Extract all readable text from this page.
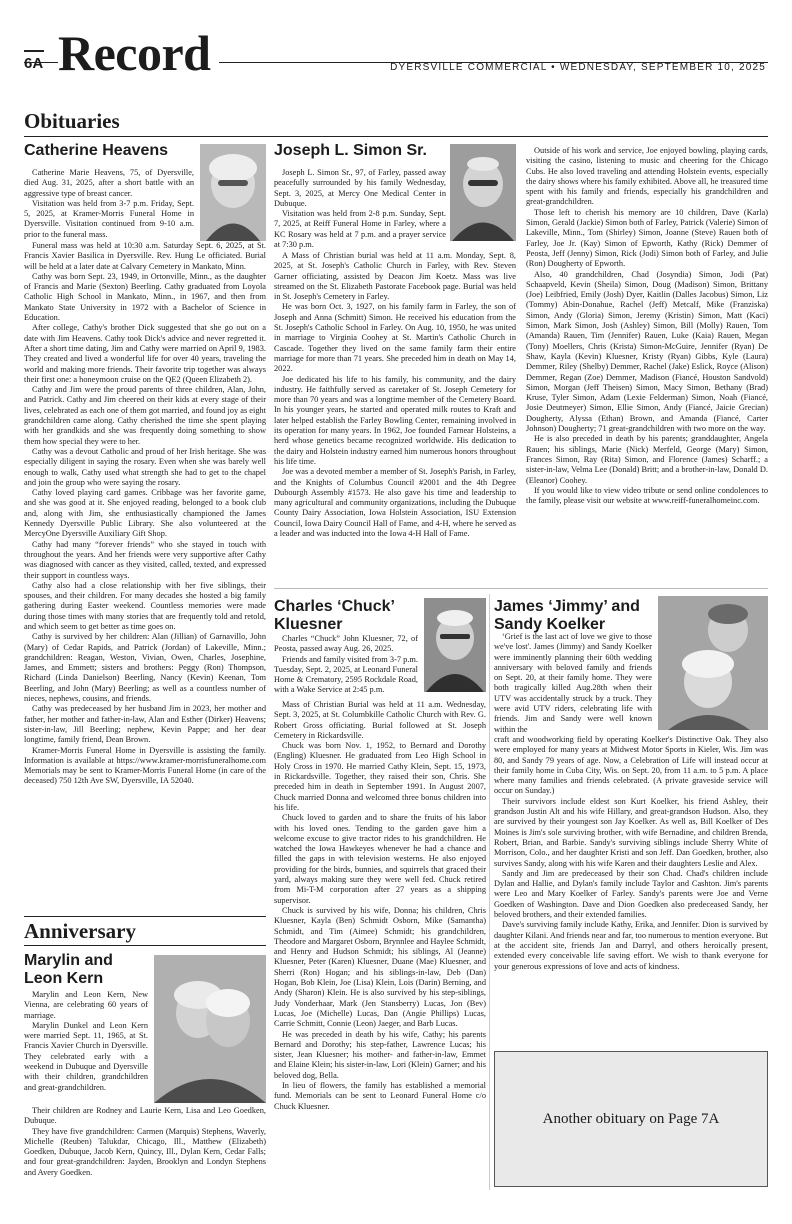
6A Record	DYERSVILLE COMMERCIAL • WEDNESDAY, SEPTEMBER 10, 2025
Obituaries
Catherine Heavens

Catherine Marie Heavens, 75, of Dyersville, died Aug. 31, 2025, after a short battle with an aggressive type of breast cancer.

Visitation was held from 3-7 p.m. Friday, Sept. 5, 2025, at Kramer-Morris Funeral Home in Dyersville. Visitation continued from 9-10 a.m. prior to the funeral mass.

Funeral mass was held at 10:30 a.m. Saturday Sept. 6, 2025, at St. Francis Xavier Basilica in Dyersville. Rev. Hung Le officiated. Burial will be held at a later date at Calvary Cemetery in Mankato, Minn.

Cathy was born Sept. 23, 1949, in Ortonville, Minn., as the daughter of Francis and Marie (Sexton) Beerling. Cathy graduated from Loyola Catholic High School in Mankato, Minn., in 1967, and then from Mankato State University in 1972 with a Bachelor of Science in Education.

After college, Cathy's brother Dick suggested that she go out on a date with Jim Heavens. Cathy took Dick's advice and never regretted it. After a short time dating, Jim and Cathy were married on April 9, 1983. They created and lived a wonderful life for over 40 years, traveling the world and making more friends. Their favorite trip together was always their first one: a honeymoon cruise on the QE2 (Queen Elizabeth 2).

Cathy and Jim were the proud parents of three children, Alan, John, and Patrick. Cathy and Jim cheered on their kids at every stage of their lives, celebrated as each one of them got married, and found joy as eight grandchildren came along. Cathy cherished the time she spent playing with her grandkids and she was frequently doing something to show them how special they were to her.

Cathy was a devout Catholic and proud of her Irish heritage. She was especially diligent in saying the rosary. Even when she was barely well enough to walk, Cathy used what strength she had to get to the chapel and join the group who were saying the rosary.

Cathy loved playing card games. Cribbage was her favorite game, and she was good at it. She enjoyed reading, belonged to a book club and, along with Jim, she enthusiastically championed the James Kennedy Dyersville Public Library. She also volunteered at the MercyOne Dyersville Auxiliary Gift Shop.

Cathy had many “forever friends” who she stayed in touch with throughout the years. And her friends were very supportive after Cathy was diagnosed with cancer as they visited, called, texted, and expressed their support in countless ways.

Cathy also had a close relationship with her five siblings, their spouses, and their children. For many decades she hosted a big family gathering during Easter weekend. Countless memories were made during those times with many stories that are frequently told and retold, and which seem to get better as time goes on.

Cathy is survived by her children: Alan (Jillian) of Garnavillo, John (Mary) of Cedar Rapids, and Patrick (Jordan) of Lakeville, Minn.; grandchildren: Reagan, Weston, Vivian, Owen, Charles, Josephine, James, and Emmett; sisters and brothers: Peggy (Ron) Thompson, Richard (Linda Danielson) Beerling, Nancy (Kevin) Keenan, Tom Beerling, and John (Mary) Beerling; as well as a countless number of nieces, nephews, cousins, and friends.

Cathy was predeceased by her husband Jim in 2023, her mother and father, her mother and father-in-law, Alan and Esther (Dirker) Heavens; sister-in-law, Jill Beerling; nephew, Kevin Pappe; and her dear longtime, family friend, Dean Brown.

Kramer-Morris Funeral Home in Dyersville is assisting the family. Information is available at https://www.kramer-morrisfuneralhome.com Memorials may be sent to Kramer-Morris Funeral Home (in care of the deceased) 750 12th Ave SW, Dyersville, IA 52040.

Joseph L. Simon Sr.

Joseph L. Simon Sr., 97, of Farley, passed away peacefully surrounded by his family Wednesday, Sept. 3, 2025, at Mercy One Medical Center in Dubuque.

Visitation was held from 2-8 p.m. Sunday, Sept. 7, 2025, at Reiff Funeral Home in Farley, where a KC Rosary was held at 7 p.m. and a prayer service at 7:30 p.m.

A Mass of Christian burial was held at 11 a.m. Monday, Sept. 8, 2025, at St. Joseph's Catholic Church in Farley, with Rev. Steven Garner officiating, assisted by Deacon Jim Koetz. Mass was live streamed on the St. Elizabeth Pastorate Facebook page. Burial was held in St. Joseph's Cemetery in Farley.

He was born Oct. 3, 1927, on his family farm in Farley, the son of Joseph and Anna (Schmitt) Simon. He received his education from the St. Joseph's Catholic School in Farley. On Aug. 10, 1950, he was united in marriage to Virginia Coohey at St. Martin's Catholic Church in Cascade. Together they lived on the same family farm their entire marriage for more than 71 years. She preceded him in death on May 14, 2022.

Joe dedicated his life to his family, his community, and the dairy industry. He faithfully served as caretaker of St. Joseph Cemetery for more than 70 years and was a longtime member of the Cemetery Board. In his younger years, he started and operated milk routes to Kraft and later helped establish the Farley Bowling Center, remaining involved in its operation for many years. In 1962, Joe founded Farnear Holsteins, a herd whose genetics became recognized worldwide. His dedication to the dairy and Holstein industry earned him numerous honors throughout his life time.

Joe was a devoted member a member of St. Joseph's Parish, in Farley, and the Knights of Columbus Council #2001 and the 4th Degree Dubourgh Assembly #1573. He also gave his time and leadership to many agricultural and community organizations, including the Dubuque County Dairy Association, Iowa Holstein Association, ISU Extension Council, Iowa Dairy Council Hall of Fame, and 4-H, where he served as a leader and was inducted into the Iowa 4-H Hall of Fame.

Outside of his work and service, Joe enjoyed bowling, playing cards, visiting the casino, listening to music and cheering for the Chicago Cubs. He also loved traveling and attending Holstein events, especially the dairy shows where his family exhibited. Above all, he treasured time spent with his family and friends, especially his grandchildren and great-grandchildren.

Those left to cherish his memory are 10 children, Dave (Karla) Simon, Gerald (Jackie) Simon both of Farley, Patrick (Valerie) Simon of Lakeville, Minn., Tom (Shirley) Simon, Joanne (Steve) Rauen both of Farley, Joe Jr. (Kay) Simon of Epworth, Kathy (Rick) Demmer of Peosta, Jeff (Jenny) Simon, Rick (Jodi) Simon both of Farley, and Julie (Ron) Dougherty of Epworth.

Also, 40 grandchildren, Chad (Josyndia) Simon, Jodi (Pat) Schaapveld, Kevin (Sheila) Simon, Doug (Madison) Simon, Brittany (Joe) Leibfried, Emily (Josh) Dyer, Kaitlin (Dalles Jacobus) Simon, Liz (Tommy) Abin-Donahue, Rachel (Jeff) Metcalf, Mike (Franziska) Simon, Andy (Gloria) Simon, Jeremy (Kristin) Simon, Matt (Kaci) Simon, Mark Simon, Josh (Ashley) Simon, Bill (Molly) Rauen, Tom (Amanda) Rauen, Tim (Jennifer) Rauen, Luke (Kaia) Rauen, Megan (Tony) Moellers, Chris (Krista) Simon-McGuire, Jennifer (Ryan) De Shaw, Kayla (Kevin) Kluesner, Kristy (Ryan) Gibbs, Kyle (Laura) Demmer, Riley (Shelby) Demmer, Rachel (Jake) Eslick, Royce (Alison) Demmer, Regan (Zoe) Demmer, Madison (Fiancé, Houston Sandvold) Simon, Morgan (Jeff Theisen) Simon, Macy Simon, Bethany (Brad) Kruse, Tyler Simon, Adam (Lexie Felderman) Simon, Noah (Fiancé, Josie Deutmeyer) Simon, Ellie Simon, Andy (Fiancé, Jaicie Grecian) Dougherty, Alyssa (Ethan) Brown, and Amanda (Fiancé, Carter Johnson) Dougherty; 71 great-grandchildren with two more on the way.

He is also preceded in death by his parents; granddaughter, Angela Rauen; his siblings, Marie (Nick) Merfeld, George (Mary) Simon, Frances Simon, Ray (Rita) Simon, and Florence (James) Scharff.; a sister-in-law, Velma Lee (Donald) Britt; and a brother-in-law, Donald D. (Eleanor) Coohey.

If you would like to view video tribute or send online condolences to the family, please visit our website at www.reiff-funeralhomeinc.com.

Charles ‘Chuck’
Kluesner

Charles “Chuck” John Kluesner, 72, of Peosta, passed away Aug. 26, 2025.

Friends and family visited from 3-7 p.m. Tuesday, Sept. 2, 2025, at Leonard Funeral Home & Crematory, 2595 Rockdale Road, with a Wake Service at 2:45 p.m.

Mass of Christian Burial was held at 11 a.m. Wednesday, Sept. 3, 2025, at St. Columbkille Catholic Church with Rev. G. Robert Gross officiating. Burial followed at St. Joseph Cemetery in Rickardsville.

Chuck was born Nov. 1, 1952, to Bernard and Dorothy (Engling) Kluesner. He graduated from Leo High School in Holy Cross in 1970. He married Cathy Klein, Sept. 15, 1973, in Rickardsville. Together, they raised their son, Chris. She preceded him in death in September 1991. In August 2007, Chuck married Donna and welcomed three bonus children into his life.

Chuck loved to garden and to share the fruits of his labor with his loved ones. Tending to the garden gave him a welcome excuse to give tractor rides to his grandchildren. He watched the Iowa Hawkeyes whenever he had a chance and filled the gaps in with television westerns. He also enjoyed providing for the birds, bunnies, and squirrels that graced their yard, always making sure they were well fed. Chuck retired from Mi-T-M corporation after 27 years as a shipping supervisor.

Chuck is survived by his wife, Donna; his children, Chris Kluesner, Kayla (Ben) Schmidt Osborn, Mike (Samantha) Schmidt, and Tim (Aimee) Schmidt; his grandchildren, Theodore and Margaret Osborn, Brynnlee and Haylee Schmidt, and Henry and Hudson Schmidt; his siblings, Al (Jeanne) Kluesner, Peter (Karen) Kluesner, Duane (Mae) Kluesner, and Sherri (Ron) Hogan; and his siblings-in-law, Deb (Dan) Hogan, Bob Klein, Joe (Lisa) Klein, Lois (Darin) Berning, and Andy (Sharon) Klein. He is also survived by his step-siblings, Judy Vonderhaar, Mark (Jen Stansberry) Lucas, Jon (Bev) Lucas, Joe (Michelle) Lucas, Dan (Angie Phillips) Lucas, Carrie Schmitt, Connie (Leon) Jaeger, and Barb Lucas.

He was preceded in death by his wife, Cathy; his parents Bernard and Dorothy; his step-father, Lawrence Lucas; his sister, Jean Kluesner; his mother- and father-in-law, Emmet and Elaine Klein; his sister-in-law, Lori (Klein) Garner; and his beloved dog, Bella.

In lieu of flowers, the family has established a memorial fund. Memorials can be sent to Leonard Funeral Home c/o Chuck Kluesner.

James ‘Jimmy’ and
Sandy Koelker

‘Grief is the last act of love we give to those we've lost'. James (Jimmy) and Sandy Koelker were imminently planning their 60th wedding anniversary with beloved family and friends on Sept. 20, at their family home. They were both tragically killed Aug.28th when their UTV was accidentally struck by a truck. They were avid UTV riders, celebrating life with friends. Jim and Sandy were well known within the

craft and woodworking field by operating Koelker's Distinctive Oak. They also were employed for many years at Midwest Motor Sports in Kieler, Wis. Jim was 80, and Sandy 79 years of age. Now, a Celebration of Life will instead occur at their family home in Cuba City, Wis. on Sept. 20, from 11 a.m. to 5 p.m. A place where many families and friends celebrated. (A private graveside service will occur on Sunday.)

Their survivors include eldest son Kurt Koelker, his friend Ashley, their grandson Justin Alt and his wife Hillary, and great-grandson Hudson. Also, they are survived by their youngest son Jay Koelker. As well as, Bill Koelker of Des Moines is Jim's sole surviving brother, with wife Bernadine, and children Brenda, Robert, Brian, and Barbie. Sandy's surviving siblings include Sherry White of Morrison, Colo., and her daughter Kristi and son Jeff. Dan Goedken, brother, also survives Sandy, along with his wife Karen and their daughters Leslie and Alex.

Sandy and Jim are predeceased by their son Chad. Chad's children include Dylan and Hallie, and Dylan's family include Taylor and Cashton. Jim's parents were Leo and Mary Koelker of Farley. Sandy's parents were Joe and Verne Goedken of Washington. Dave and Dion Goedken also predeceased Sandy, her beloved brothers, and their extended families.

Dave's surviving family include Kathy, Erika, and Jennifer. Dion is survived by daughter Kilani. And friends near and far, too numerous to mention everyone. But at the accident site, friends Jan and Darryl, and others heroically present, extended every conceivable life saving effort. We wish to thank everyone for your generous expressions of love and acts of kindness.

Another obituary on Page 7A
Anniversary
Marylin and
Leon Kern

Marylin and Leon Kern, New Vienna, are celebrating 60 years of marriage.

Marylin Dunkel and Leon Kern were married Sept. 11, 1965, at St. Francis Xavier Church in Dyersville. They celebrated early with a weekend in Dubuque and Dyersville with their children, grandchildren and great-grandchildren.

Their children are Rodney and Laurie Kern, Lisa and Leo Goedken, Dubuque.

They have five grandchildren: Carmen (Marquis) Stephens, Waverly, Michelle (Reuben) Talukdar, Chicago, Ill., Matthew (Elizabeth) Goedken, Dubuque, Jacob Kern, Quincy, Ill., Dylan Kern, Cedar Falls; and four great-grandchildren: Jayden, Brooklyn and Londyn Stephens and Avery Goedken.
